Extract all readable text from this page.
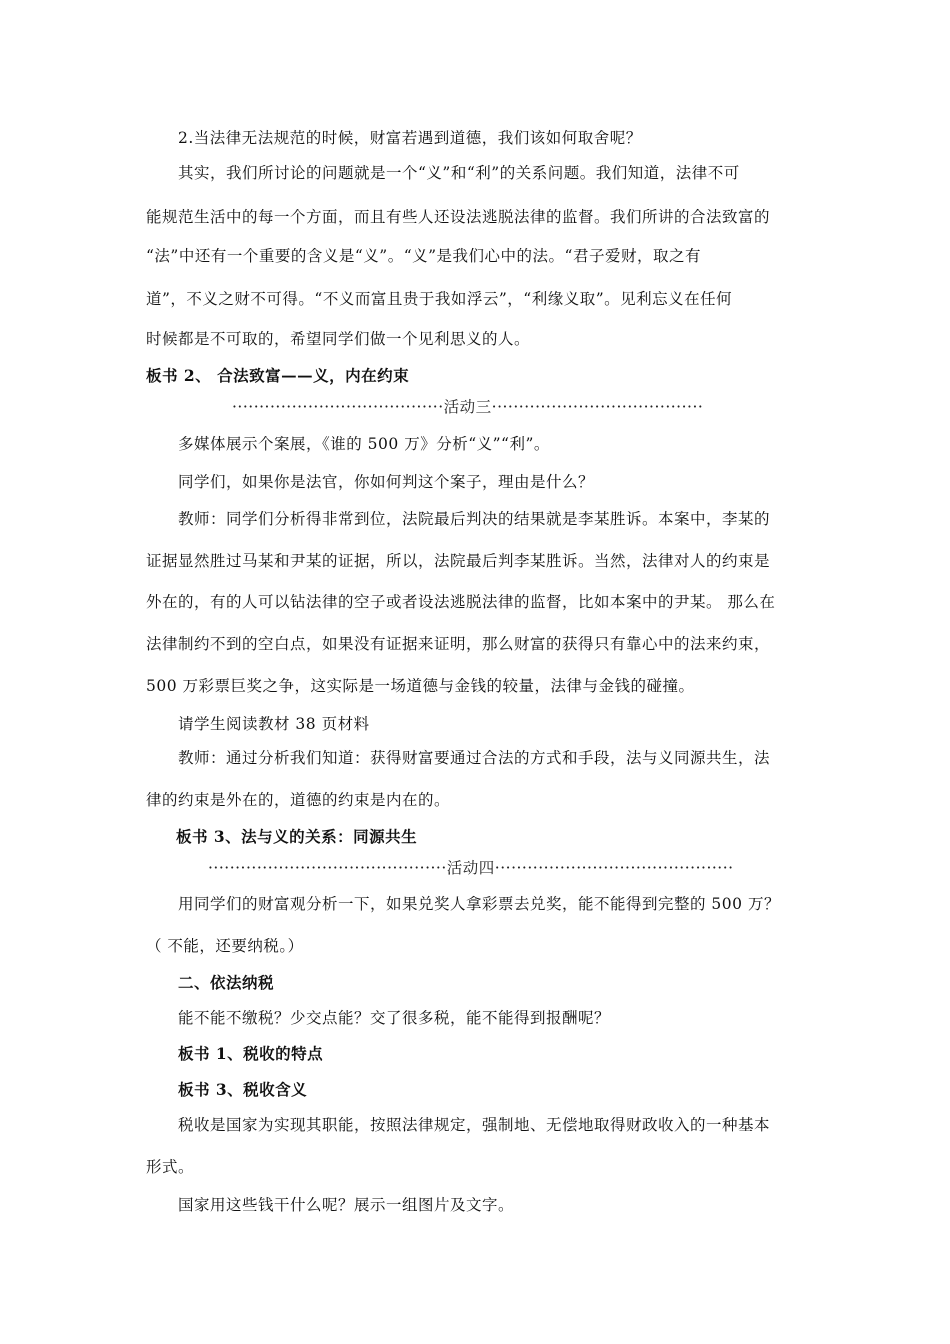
2.当法律无法规范的时候，财富若遇到道德，我们该如何取舍呢？
其实，我们所讨论的问题就是一个“义”和“利”的关系问题。我们知道，法律不可
能规范生活中的每一个方面，而且有些人还设法逃脱法律的监督。我们所讲的合法致富的
“法”中还有一个重要的含义是“义”。“义”是我们心中的法。“君子爱财，取之有
道”，不义之财不可得。“不义而富且贵于我如浮云”，“利缘义取”。见利忘义在任何
时候都是不可取的，希望同学们做一个见利思义的人。
板书 2、 合法致富——义，内在约束
·······································活动三·······································
多媒体展示个案展，《谁的 500 万》分析“义”“利”。
同学们，如果你是法官，你如何判这个案子，理由是什么？
教师：同学们分析得非常到位，法院最后判决的结果就是李某胜诉。本案中，李某的
证据显然胜过马某和尹某的证据，所以，法院最后判李某胜诉。当然，法律对人的约束是
外在的，有的人可以钻法律的空子或者设法逃脱法律的监督，比如本案中的尹某。 那么在
法律制约不到的空白点，如果没有证据来证明，那么财富的获得只有靠心中的法来约束，
500 万彩票巨奖之争，这实际是一场道德与金钱的较量，法律与金钱的碰撞。
请学生阅读教材 38 页材料
教师：通过分析我们知道：获得财富要通过合法的方式和手段，法与义同源共生，法
律的约束是外在的，道德的约束是内在的。
板书 3、法与义的关系：同源共生
············································活动四············································
用同学们的财富观分析一下，如果兑奖人拿彩票去兑奖，能不能得到完整的 500 万？
（ 不能，还要纳税。）
二、依法纳税
能不能不缴税？少交点能？交了很多税，能不能得到报酬呢？
板书 1、税收的特点
板书 3、税收含义
税收是国家为实现其职能，按照法律规定，强制地、无偿地取得财政收入的一种基本
形式。
国家用这些钱干什么呢？展示一组图片及文字。
